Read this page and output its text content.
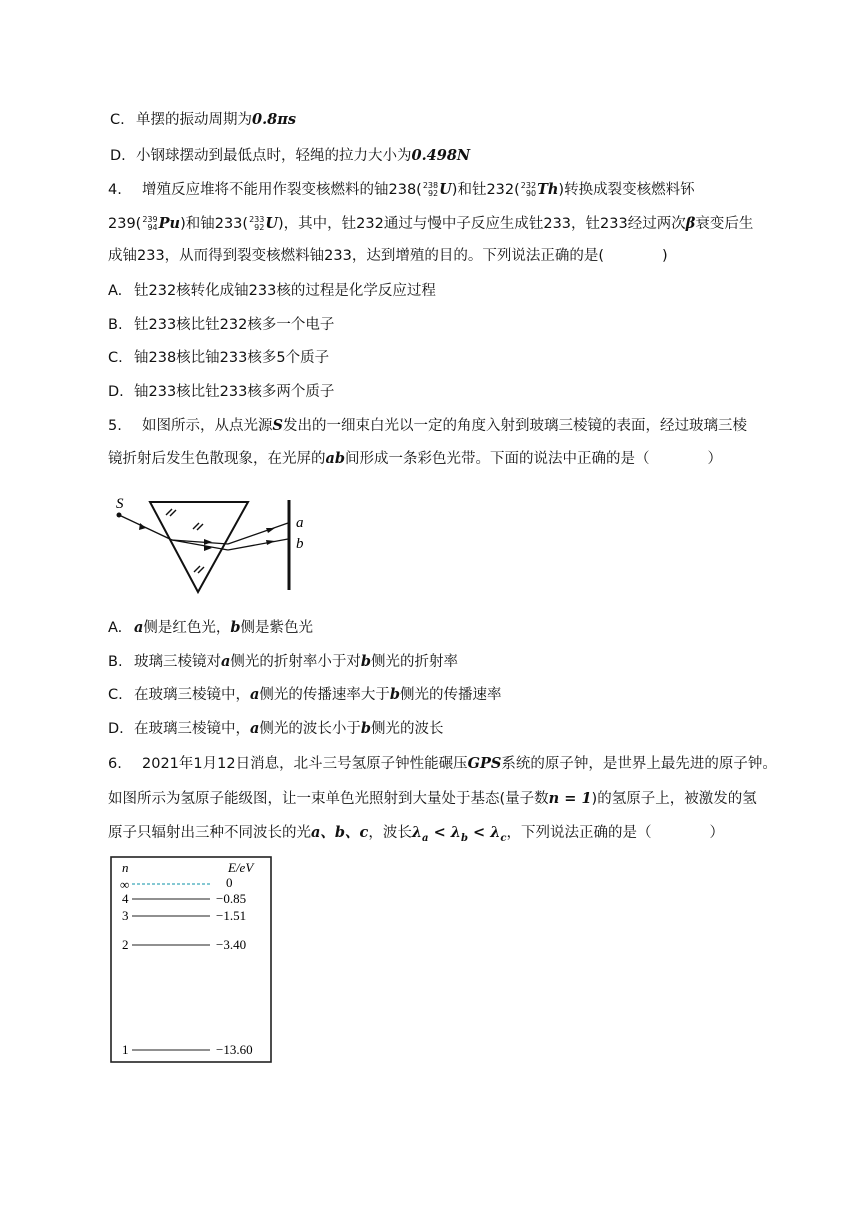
C. 单摆的振动周期为0.8πs
D. 小钢球摆动到最低点时，轻绳的拉力大小为0.498N
4. 增殖反应堆将不能用作裂变核燃料的铀238( 238
92 U)和钍232( 232
90 Th)转换成裂变核燃料钚
239( 239
94 Pu)和铀233( 233
92 U)，其中，钍232通过与慢中子反应生成钍233，钍233经过两次β衰变后生
成铀233，从而得到裂变核燃料铀233，达到增殖的目的。下列说法正确的是(　　　　)
A. 钍232核转化成铀233核的过程是化学反应过程
B. 钍233核比钍232核多一个电子
C. 铀238核比铀233核多5个质子
D. 铀233核比钍233核多两个质子
5. 如图所示，从点光源S发出的一细束白光以一定的角度入射到玻璃三棱镜的表面，经过玻璃三棱
镜折射后发生色散现象，在光屏的ab间形成一条彩色光带。下面的说法中正确的是（　　　　）
S
a
b
A. a侧是红色光，b侧是紫色光
B. 玻璃三棱镜对a侧光的折射率小于对b侧光的折射率
C. 在玻璃三棱镜中，a侧光的传播速率大于b侧光的传播速率
D. 在玻璃三棱镜中，a侧光的波长小于b侧光的波长
6. 2021年1月12日消息，北斗三号氢原子钟性能碾压GPS系统的原子钟，是世界上最先进的原子钟。
如图所示为氢原子能级图，让一束单色光照射到大量处于基态(量子数n = 1)的氢原子上，被激发的氢
原子只辐射出三种不同波长的光a、b、c，波长$\lambda_a < \lambda_b < \lambda_c$，下列说法正确的是（　　　　）
n	E/eV
∞	0
4	−0.85
3	−1.51
2	−3.40
1	−13.60
